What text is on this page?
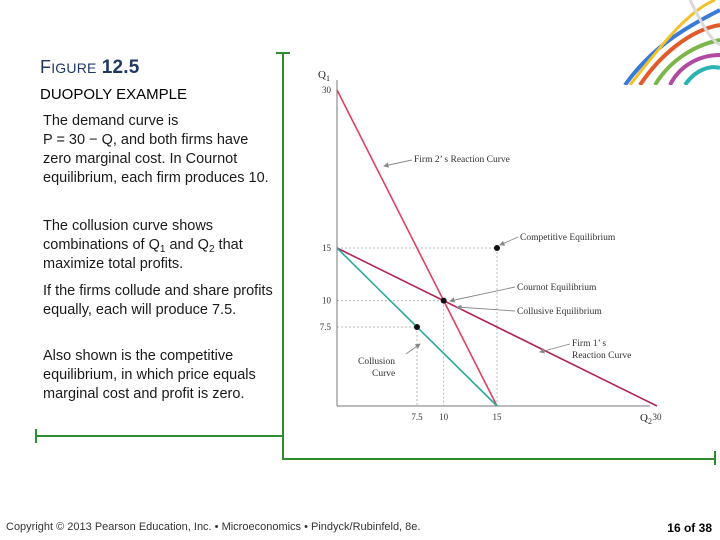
FIGURE 12.5
DUOPOLY EXAMPLE
The demand curve is
P = 30 − Q, and both firms have zero marginal cost. In Cournot equilibrium, each firm produces 10.
The collusion curve shows combinations of $Q_1$ and $Q_2$ that maximize total profits.
If the firms collude and share profits equally, each will produce 7.5.
Also shown is the competitive equilibrium, in which price equals marginal cost and profit is zero.
7.5
10
15
30
7.5 10	15	30
$Q_1$
$Q_2$
Firm 2’ s Reaction Curve
Competitive Equilibrium
Cournot Equilibrium
Collusive Equilibrium
Firm 1’ s
Reaction Curve
Collusion
Curve
Copyright © 2013 Pearson Education, Inc. • Microeconomics • Pindyck/Rubinfeld, 8e.	16 of 38
